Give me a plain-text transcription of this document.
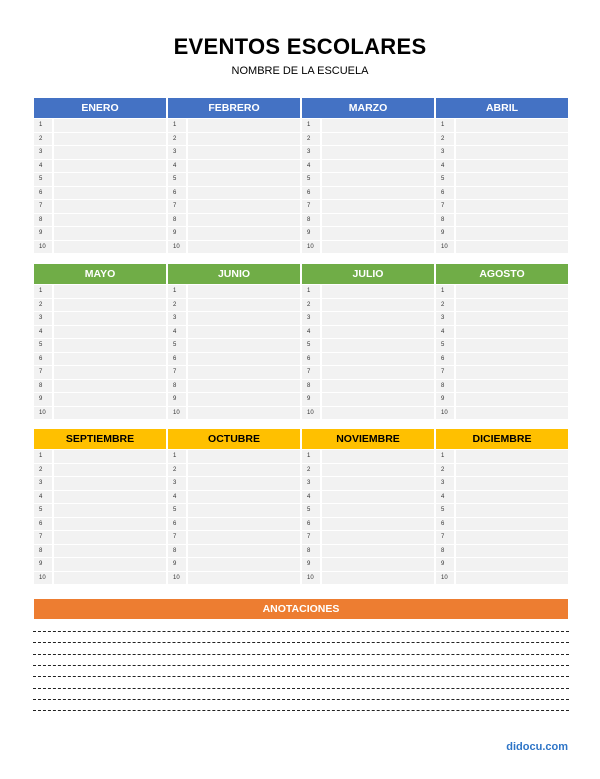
EVENTOS ESCOLARES
NOMBRE DE LA ESCUELA
ENERO
1
2
3
4
5
6
7
8
9
10
FEBRERO
1
2
3
4
5
6
7
8
9
10
MARZO
1
2
3
4
5
6
7
8
9
10
ABRIL
1
2
3
4
5
6
7
8
9
10
MAYO
1
2
3
4
5
6
7
8
9
10
JUNIO
1
2
3
4
5
6
7
8
9
10
JULIO
1
2
3
4
5
6
7
8
9
10
AGOSTO
1
2
3
4
5
6
7
8
9
10
SEPTIEMBRE
1
2
3
4
5
6
7
8
9
10
OCTUBRE
1
2
3
4
5
6
7
8
9
10
NOVIEMBRE
1
2
3
4
5
6
7
8
9
10
DICIEMBRE
1
2
3
4
5
6
7
8
9
10
ANOTACIONES
didocu.com
